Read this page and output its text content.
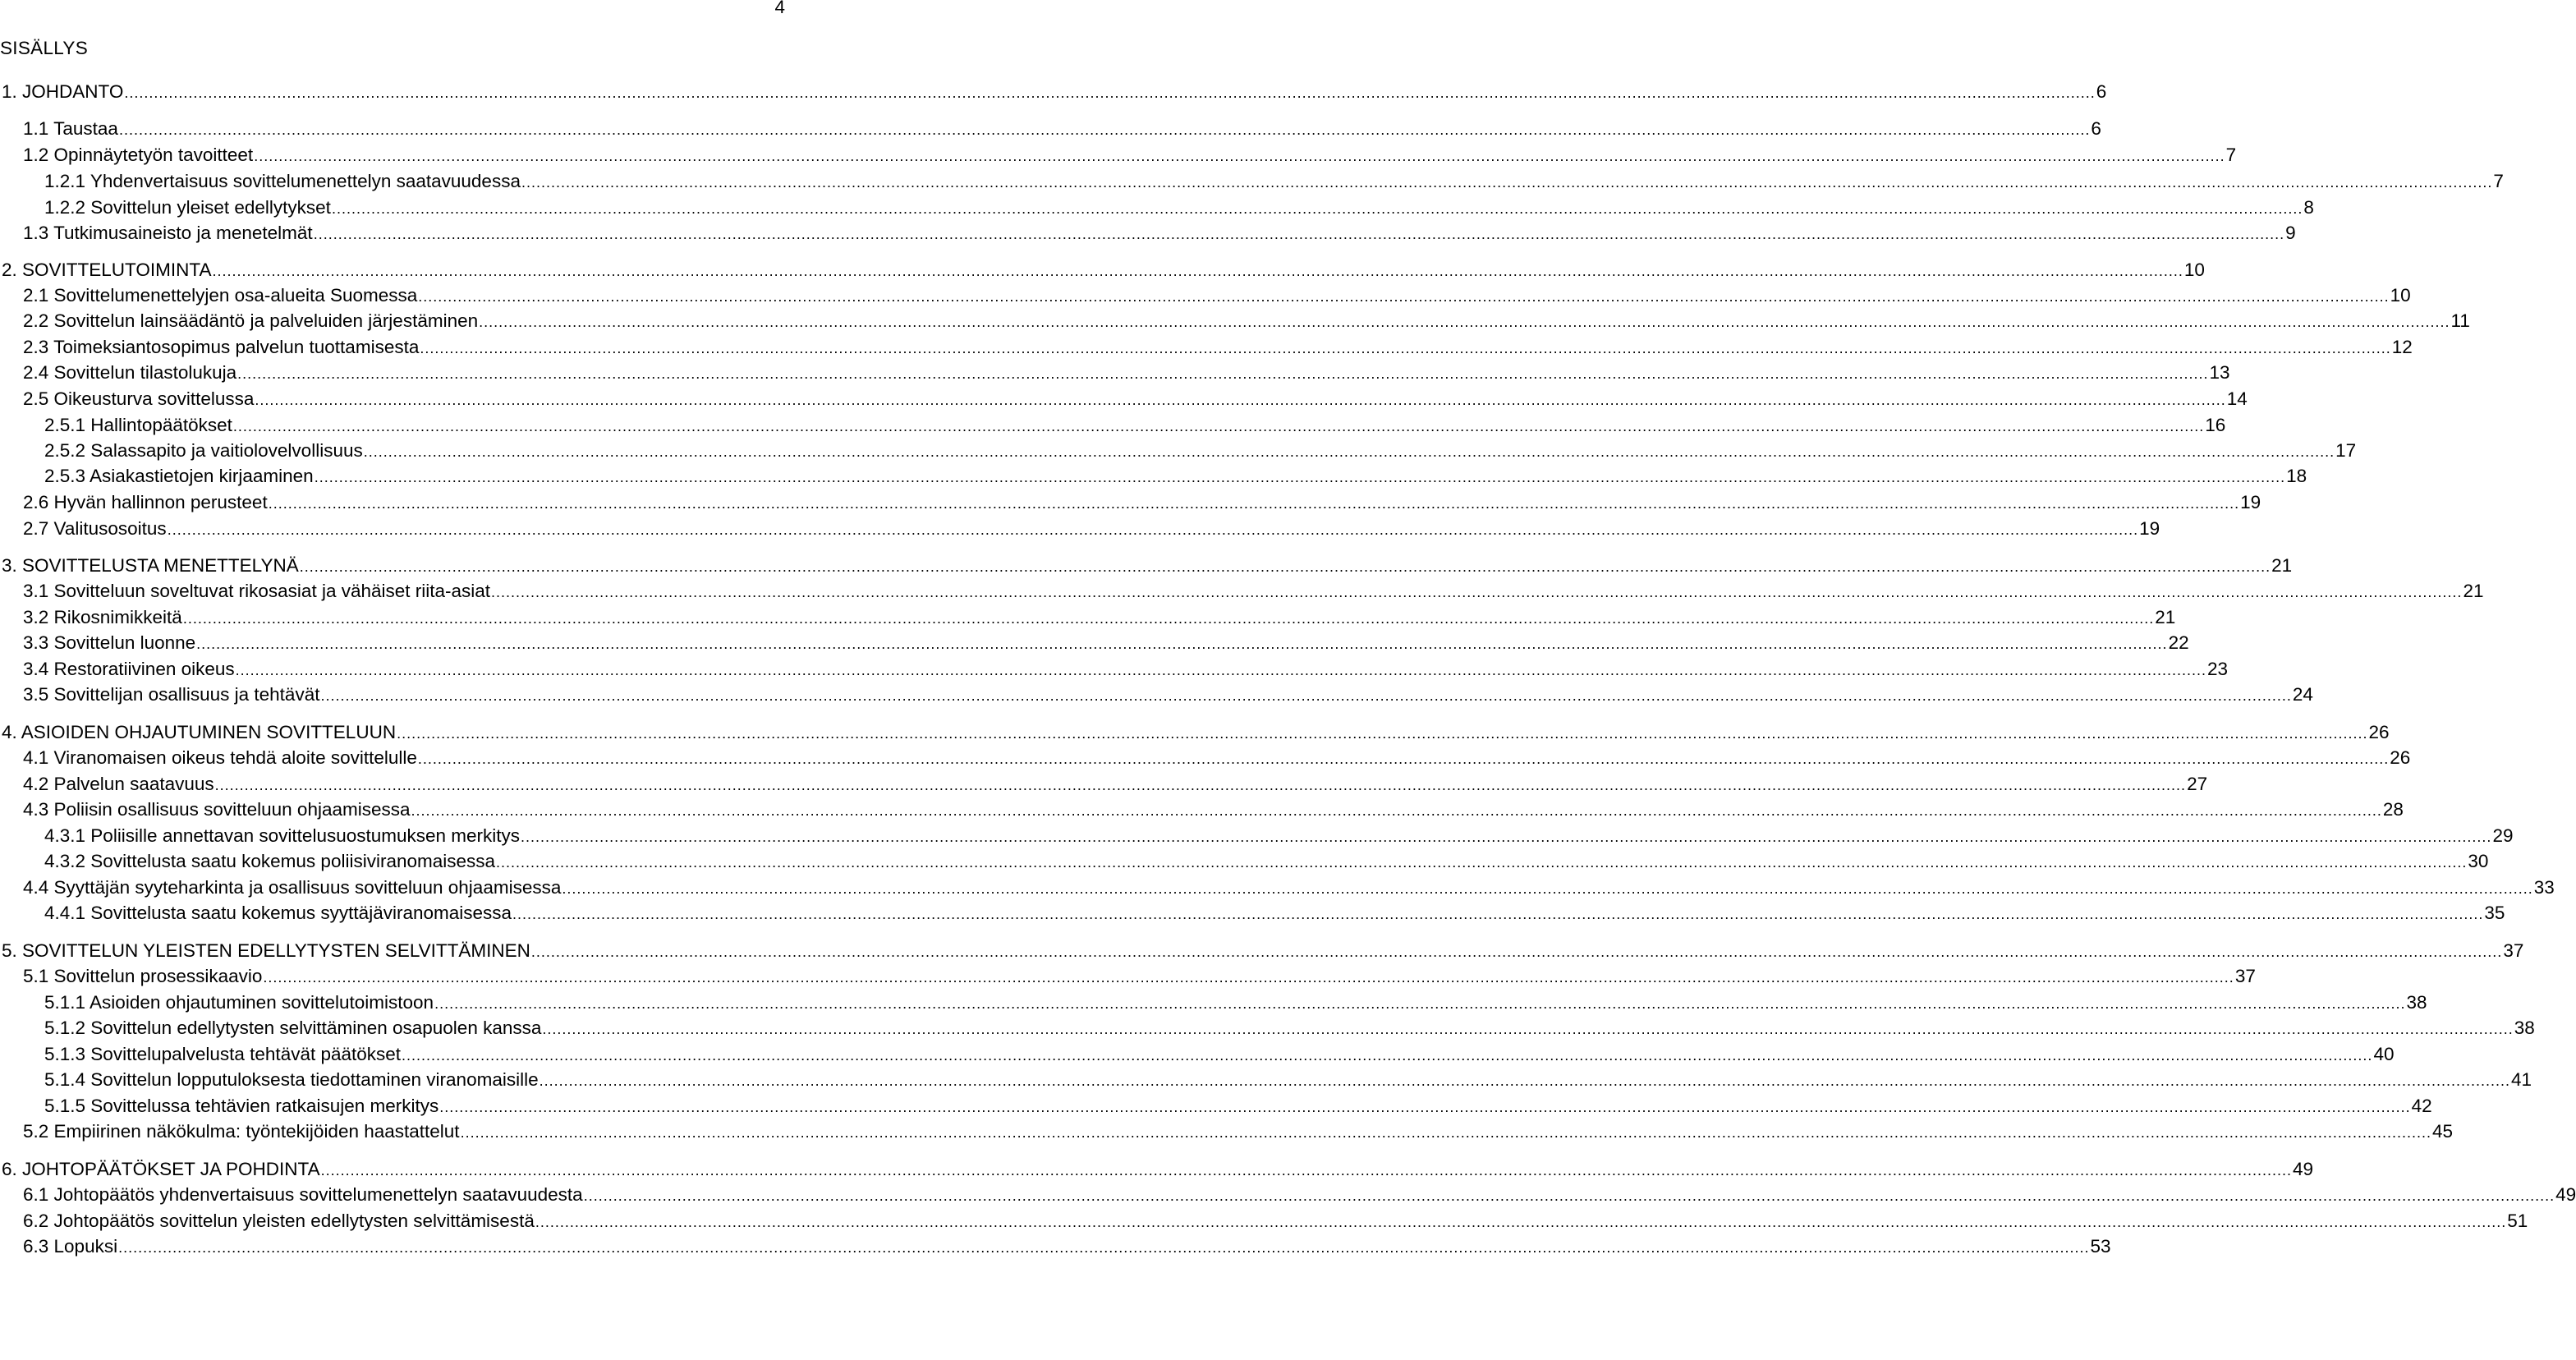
4
SISÄLLYS
1. JOHDANTO ................................................................................................................................................................................................................................................................................................................................................................................................................ 6
1.1 Taustaa ................................................................................................................................................................................................................................................................................................................................................................................................................ 6
1.2 Opinnäytetyön tavoitteet ................................................................................................................................................................................................................................................................................................................................................................................................................ 7
1.2.1 Yhdenvertaisuus sovittelumenettelyn saatavuudessa ................................................................................................................................................................................................................................................................................................................................................................................................................ 7
1.2.2 Sovittelun yleiset edellytykset ................................................................................................................................................................................................................................................................................................................................................................................................................ 8
1.3 Tutkimusaineisto ja menetelmät ................................................................................................................................................................................................................................................................................................................................................................................................................ 9
2. SOVITTELUTOIMINTA ................................................................................................................................................................................................................................................................................................................................................................................................................ 10
2.1 Sovittelumenettelyjen osa-alueita Suomessa ................................................................................................................................................................................................................................................................................................................................................................................................................ 10
2.2 Sovittelun lainsäädäntö ja palveluiden järjestäminen ................................................................................................................................................................................................................................................................................................................................................................................................................ 11
2.3 Toimeksiantosopimus palvelun tuottamisesta ................................................................................................................................................................................................................................................................................................................................................................................................................ 12
2.4 Sovittelun tilastolukuja ................................................................................................................................................................................................................................................................................................................................................................................................................ 13
2.5 Oikeusturva sovittelussa ................................................................................................................................................................................................................................................................................................................................................................................................................ 14
2.5.1 Hallintopäätökset ................................................................................................................................................................................................................................................................................................................................................................................................................ 16
2.5.2 Salassapito ja vaitiolovelvollisuus ................................................................................................................................................................................................................................................................................................................................................................................................................ 17
2.5.3 Asiakastietojen kirjaaminen ................................................................................................................................................................................................................................................................................................................................................................................................................ 18
2.6 Hyvän hallinnon perusteet ................................................................................................................................................................................................................................................................................................................................................................................................................ 19
2.7 Valitusosoitus ................................................................................................................................................................................................................................................................................................................................................................................................................ 19
3. SOVITTELUSTA MENETTELYNÄ ................................................................................................................................................................................................................................................................................................................................................................................................................ 21
3.1 Sovitteluun soveltuvat rikosasiat ja vähäiset riita-asiat ................................................................................................................................................................................................................................................................................................................................................................................................................ 21
3.2 Rikosnimikkeitä ................................................................................................................................................................................................................................................................................................................................................................................................................ 21
3.3 Sovittelun luonne ................................................................................................................................................................................................................................................................................................................................................................................................................ 22
3.4 Restoratiivinen oikeus ................................................................................................................................................................................................................................................................................................................................................................................................................ 23
3.5 Sovittelijan osallisuus ja tehtävät ................................................................................................................................................................................................................................................................................................................................................................................................................ 24
4. ASIOIDEN OHJAUTUMINEN SOVITTELUUN ................................................................................................................................................................................................................................................................................................................................................................................................................ 26
4.1 Viranomaisen oikeus tehdä aloite sovittelulle ................................................................................................................................................................................................................................................................................................................................................................................................................ 26
4.2 Palvelun saatavuus ................................................................................................................................................................................................................................................................................................................................................................................................................ 27
4.3 Poliisin osallisuus sovitteluun ohjaamisessa ................................................................................................................................................................................................................................................................................................................................................................................................................ 28
4.3.1 Poliisille annettavan sovittelusuostumuksen merkitys ................................................................................................................................................................................................................................................................................................................................................................................................................ 29
4.3.2 Sovittelusta saatu kokemus poliisiviranomaisessa ................................................................................................................................................................................................................................................................................................................................................................................................................ 30
4.4 Syyttäjän syyteharkinta ja osallisuus sovitteluun ohjaamisessa ................................................................................................................................................................................................................................................................................................................................................................................................................ 33
4.4.1 Sovittelusta saatu kokemus syyttäjäviranomaisessa ................................................................................................................................................................................................................................................................................................................................................................................................................ 35
5. SOVITTELUN YLEISTEN EDELLYTYSTEN SELVITTÄMINEN ................................................................................................................................................................................................................................................................................................................................................................................................................ 37
5.1 Sovittelun prosessikaavio ................................................................................................................................................................................................................................................................................................................................................................................................................ 37
5.1.1 Asioiden ohjautuminen sovittelutoimistoon ................................................................................................................................................................................................................................................................................................................................................................................................................ 38
5.1.2 Sovittelun edellytysten selvittäminen osapuolen kanssa ................................................................................................................................................................................................................................................................................................................................................................................................................ 38
5.1.3 Sovittelupalvelusta tehtävät päätökset ................................................................................................................................................................................................................................................................................................................................................................................................................ 40
5.1.4 Sovittelun lopputuloksesta tiedottaminen viranomaisille ................................................................................................................................................................................................................................................................................................................................................................................................................ 41
5.1.5 Sovittelussa tehtävien ratkaisujen merkitys ................................................................................................................................................................................................................................................................................................................................................................................................................ 42
5.2 Empiirinen näkökulma: työntekijöiden haastattelut ................................................................................................................................................................................................................................................................................................................................................................................................................ 45
6. JOHTOPÄÄTÖKSET JA POHDINTA ................................................................................................................................................................................................................................................................................................................................................................................................................ 49
6.1 Johtopäätös yhdenvertaisuus sovittelumenettelyn saatavuudesta ................................................................................................................................................................................................................................................................................................................................................................................................................ 49
6.2 Johtopäätös sovittelun yleisten edellytysten selvittämisestä ................................................................................................................................................................................................................................................................................................................................................................................................................ 51
6.3 Lopuksi ................................................................................................................................................................................................................................................................................................................................................................................................................ 53
